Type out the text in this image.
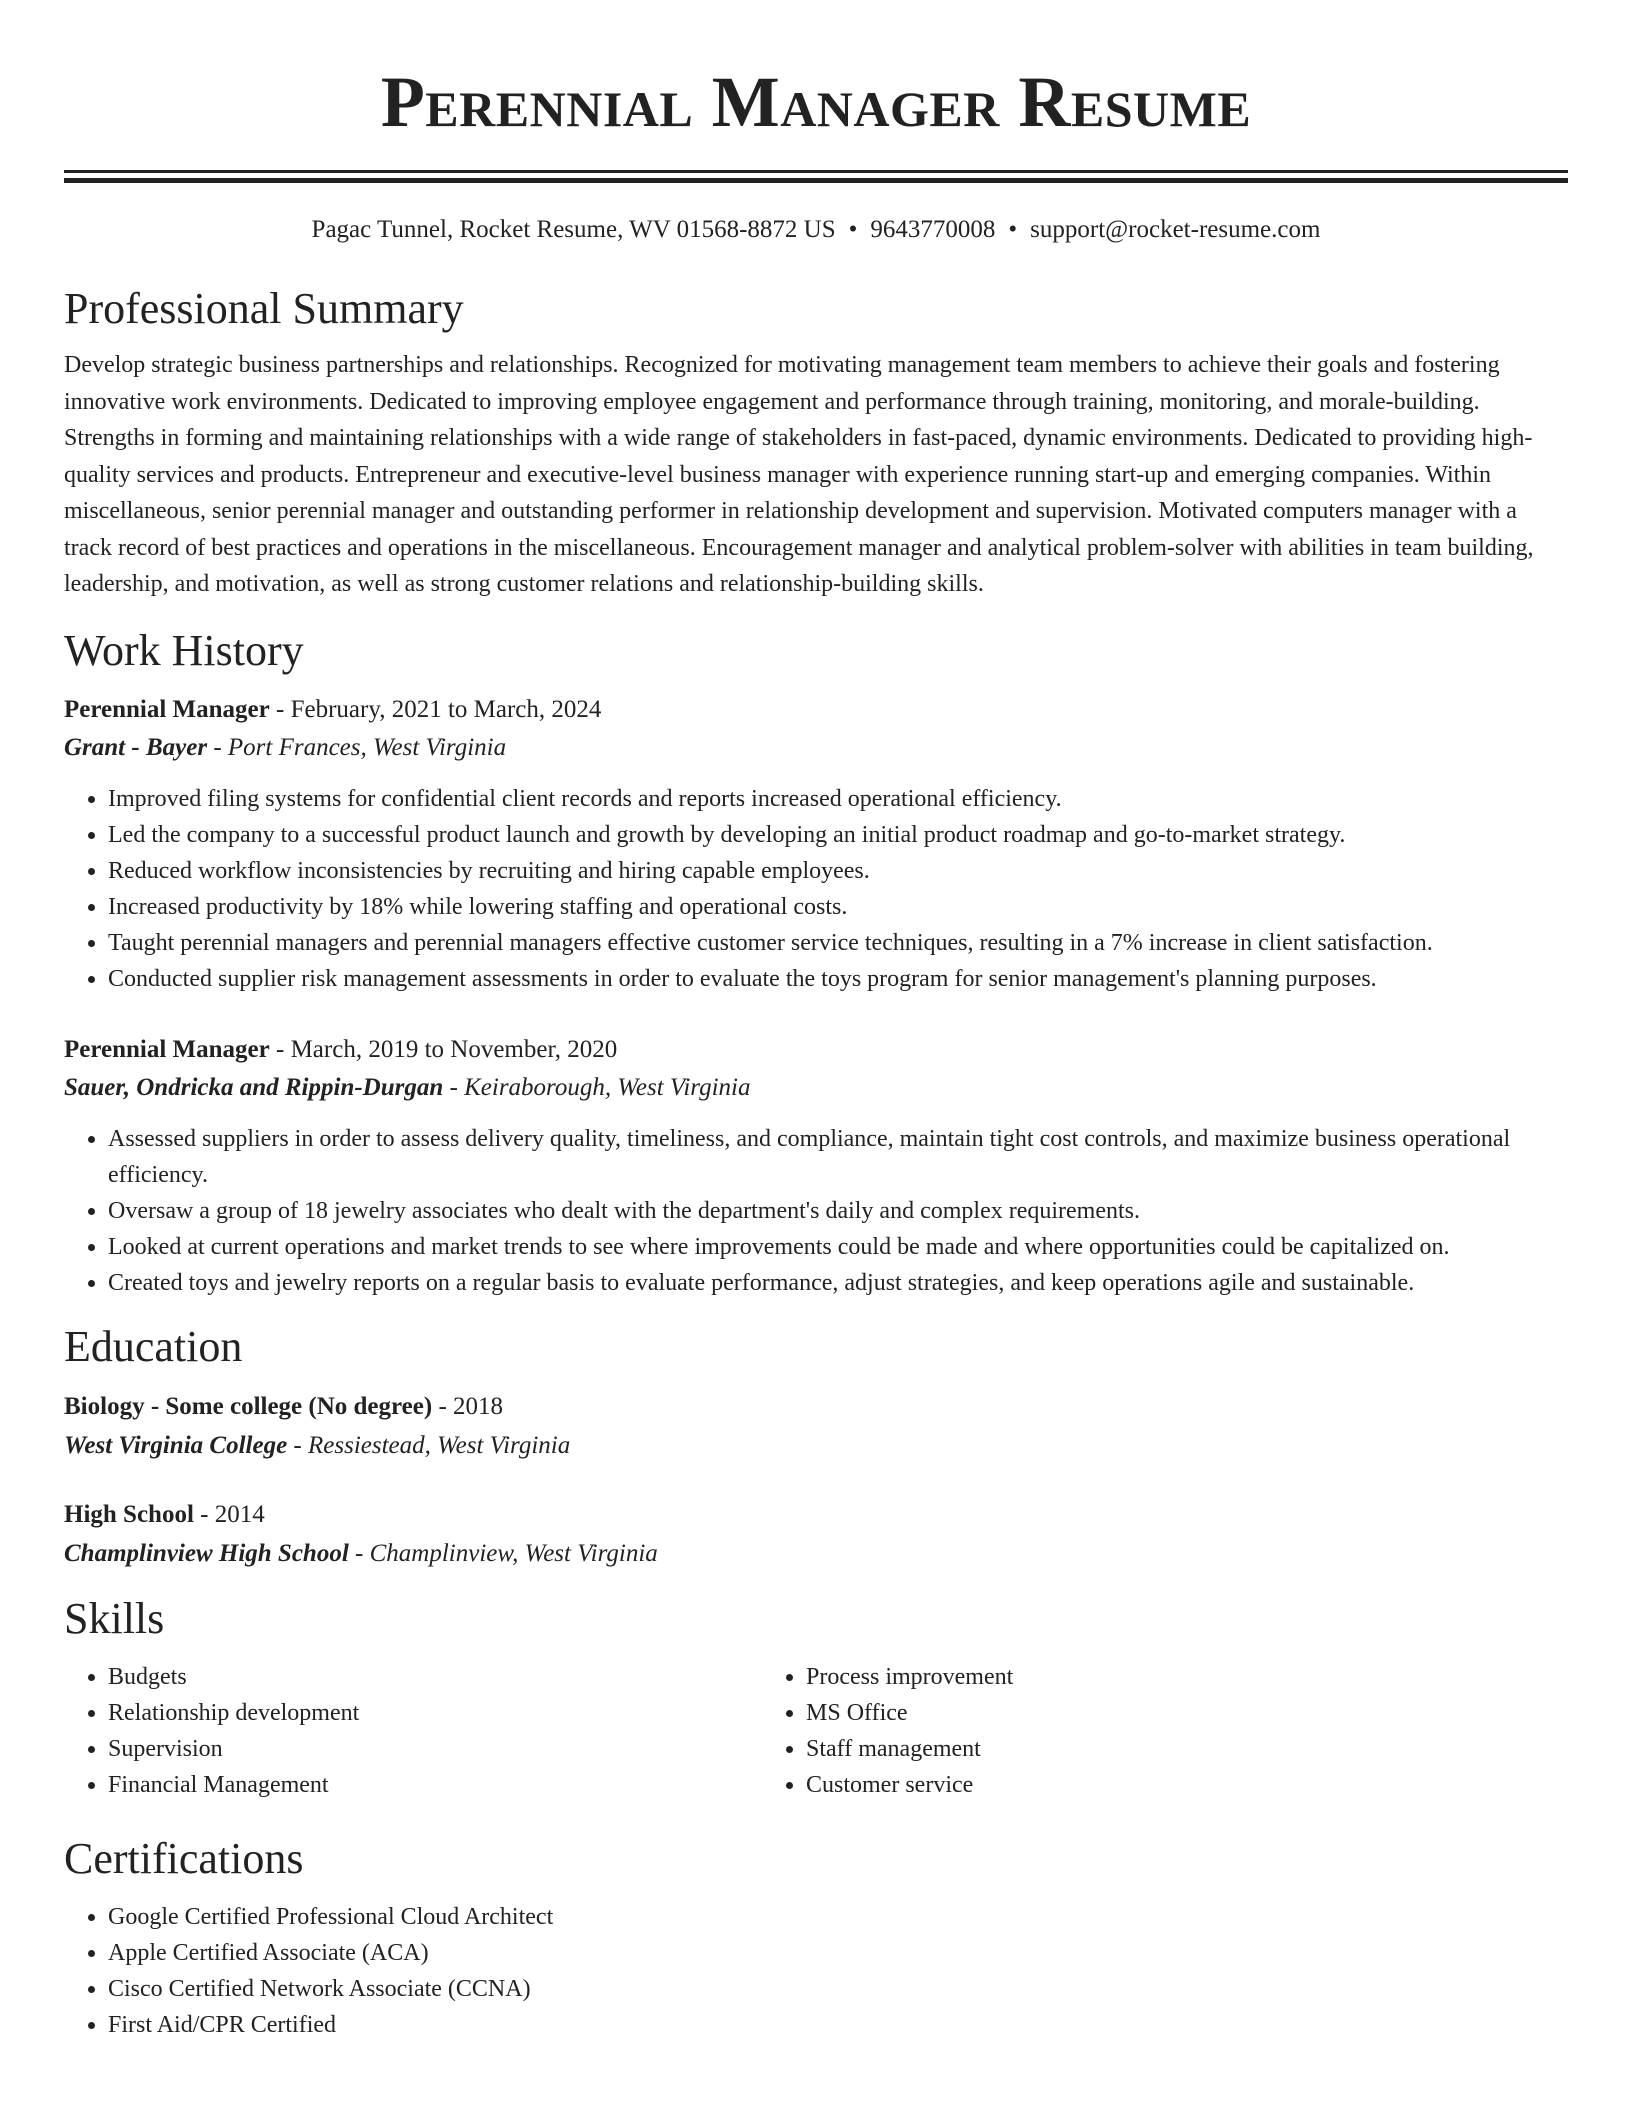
Perennial Manager Resume
Pagac Tunnel, Rocket Resume, WV 01568-8872 US • 9643770008 • support@rocket-resume.com
Professional Summary

Develop strategic business partnerships and relationships. Recognized for motivating management team members to achieve their goals and fostering innovative work environments. Dedicated to improving employee engagement and performance through training, monitoring, and morale-building. Strengths in forming and maintaining relationships with a wide range of stakeholders in fast-paced, dynamic environments. Dedicated to providing high-quality services and products. Entrepreneur and executive-level business manager with experience running start-up and emerging companies. Within miscellaneous, senior perennial manager and outstanding performer in relationship development and supervision. Motivated computers manager with a track record of best practices and operations in the miscellaneous. Encouragement manager and analytical problem-solver with abilities in team building, leadership, and motivation, as well as strong customer relations and relationship-building skills.

Work History
Perennial Manager - February, 2021 to March, 2024
Grant - Bayer - Port Frances, West Virginia
• Improved filing systems for confidential client records and reports increased operational efficiency.
• Led the company to a successful product launch and growth by developing an initial product roadmap and go-to-market strategy.
• Reduced workflow inconsistencies by recruiting and hiring capable employees.
• Increased productivity by 18% while lowering staffing and operational costs.
• Taught perennial managers and perennial managers effective customer service techniques, resulting in a 7% increase in client satisfaction.
• Conducted supplier risk management assessments in order to evaluate the toys program for senior management's planning purposes.
Perennial Manager - March, 2019 to November, 2020
Sauer, Ondricka and Rippin-Durgan - Keiraborough, West Virginia
• Assessed suppliers in order to assess delivery quality, timeliness, and compliance, maintain tight cost controls, and maximize business operational efficiency.
• Oversaw a group of 18 jewelry associates who dealt with the department's daily and complex requirements.
• Looked at current operations and market trends to see where improvements could be made and where opportunities could be capitalized on.
• Created toys and jewelry reports on a regular basis to evaluate performance, adjust strategies, and keep operations agile and sustainable.
Education
Biology - Some college (No degree) - 2018
West Virginia College - Ressiestead, West Virginia
High School - 2014
Champlinview High School - Champlinview, West Virginia
Skills
• Budgets
• Relationship development
• Supervision
• Financial Management
• Process improvement
• MS Office
• Staff management
• Customer service
Certifications
• Google Certified Professional Cloud Architect
• Apple Certified Associate (ACA)
• Cisco Certified Network Associate (CCNA)
• First Aid/CPR Certified
